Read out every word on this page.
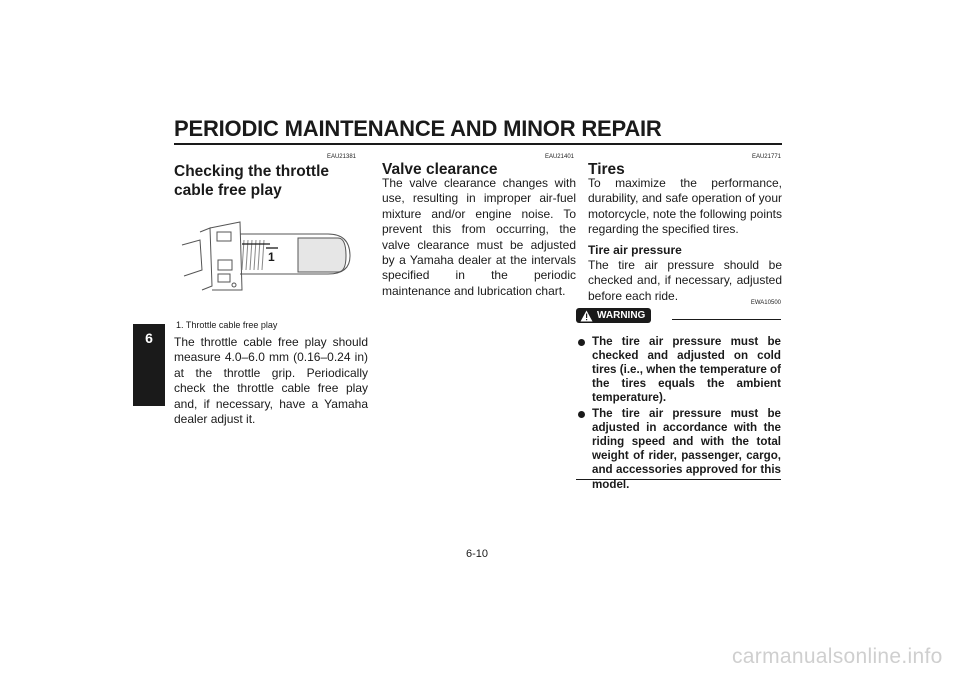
PERIODIC MAINTENANCE AND MINOR REPAIR
6
EAU21381
Checking the throttle cable free play
1
1. Throttle cable free play
The throttle cable free play should measure 4.0–6.0 mm (0.16–0.24 in) at the throttle grip. Periodically check the throttle cable free play and, if necessary, have a Yamaha dealer adjust it.
EAU21401
Valve clearance
The valve clearance changes with use, resulting in improper air-fuel mixture and/or engine noise. To prevent this from occurring, the valve clearance must be adjusted by a Yamaha dealer at the intervals specified in the periodic maintenance and lubrication chart.
EAU21771
Tires
To maximize the performance, durability, and safe operation of your motorcycle, note the following points regarding the specified tires.
Tire air pressure
The tire air pressure should be checked and, if necessary, adjusted before each ride.
EWA10500
WARNING
The tire air pressure must be checked and adjusted on cold tires (i.e., when the temperature of the tires equals the ambient temperature).
The tire air pressure must be adjusted in accordance with the riding speed and with the total weight of rider, passenger, cargo, and accessories approved for this model.
6-10
carmanualsonline.info
